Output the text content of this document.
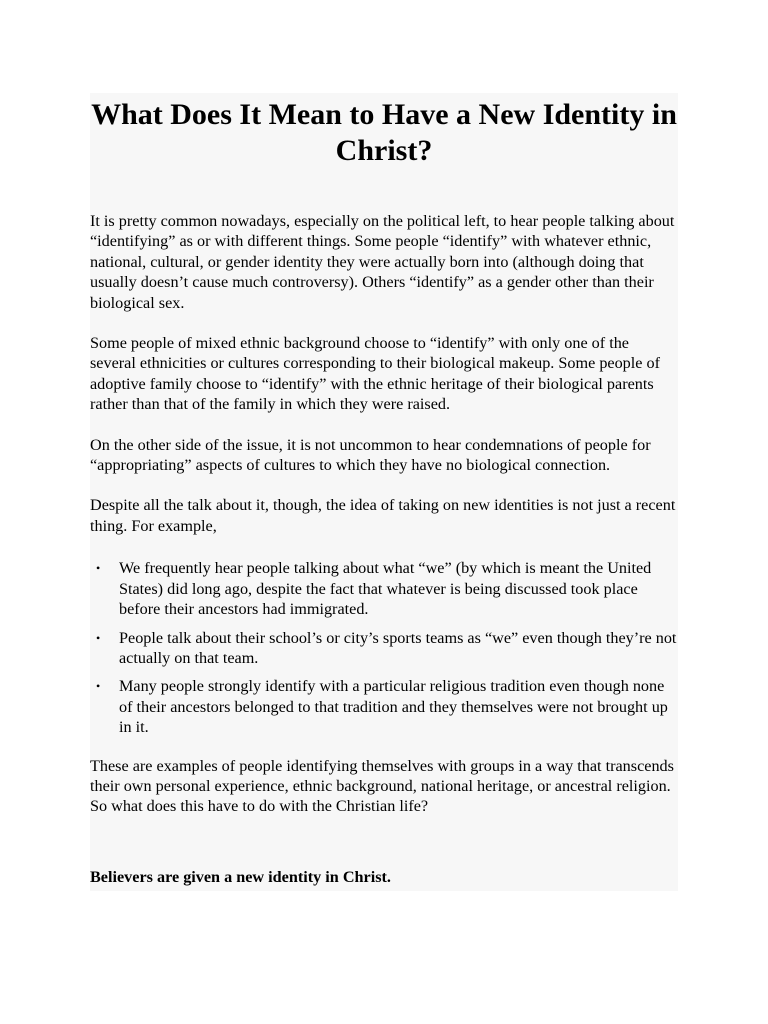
What Does It Mean to Have a New Identity in Christ?

It is pretty common nowadays, especially on the political left, to hear people talking about “identifying” as or with different things. Some people “identify” with whatever ethnic, national, cultural, or gender identity they were actually born into (although doing that usually doesn’t cause much controversy). Others “identify” as a gender other than their biological sex.

Some people of mixed ethnic background choose to “identify” with only one of the several ethnicities or cultures corresponding to their biological makeup. Some people of adoptive family choose to “identify” with the ethnic heritage of their biological parents rather than that of the family in which they were raised.

On the other side of the issue, it is not uncommon to hear condemnations of people for “appropriating” aspects of cultures to which they have no biological connection.

Despite all the talk about it, though, the idea of taking on new identities is not just a recent thing. For example,

• We frequently hear people talking about what “we” (by which is meant the United States) did long ago, despite the fact that whatever is being discussed took place before their ancestors had immigrated.
• People talk about their school’s or city’s sports teams as “we” even though they’re not actually on that team.
• Many people strongly identify with a particular religious tradition even though none of their ancestors belonged to that tradition and they themselves were not brought up in it.

These are examples of people identifying themselves with groups in a way that transcends their own personal experience, ethnic background, national heritage, or ancestral religion. So what does this have to do with the Christian life?

Believers are given a new identity in Christ.
